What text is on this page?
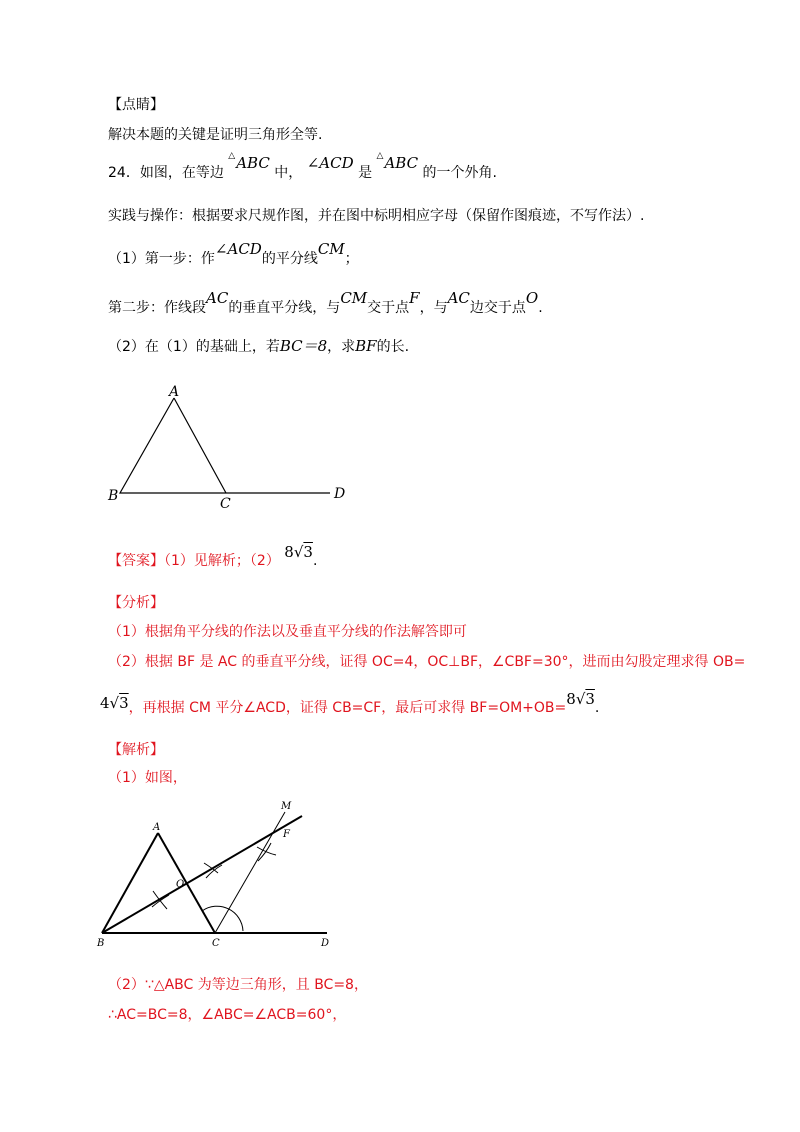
【点睛】
解决本题的关键是证明三角形全等.
24．如图，在等边 △ABC 中， ∠ACD 是 △ABC 的一个外角.
实践与操作：根据要求尺规作图，并在图中标明相应字母（保留作图痕迹，不写作法）.
（1）第一步：作∠ACD的平分线CM；
第二步：作线段AC的垂直平分线，与CM交于点F，与AC边交于点O.
（2）在（1）的基础上，若BC＝8，求BF的长.
A
B	C
D
【答案】（1）见解析；（2） 8√3.
【分析】
（1）根据角平分线的作法以及垂直平分线的作法解答即可
（2）根据 BF 是 AC 的垂直平分线，证得 OC=4，OC⊥BF，∠CBF=30°，进而由勾股定理求得 OB=
4√3，再根据 CM 平分∠ACD，证得 CB=CF，最后可求得 BF=OM+OB=8√3.
【解析】
（1）如图，
A
B	C	D
M
F
O
（2）∵△ABC 为等边三角形，且 BC=8，
∴AC=BC=8，∠ABC=∠ACB=60°，
